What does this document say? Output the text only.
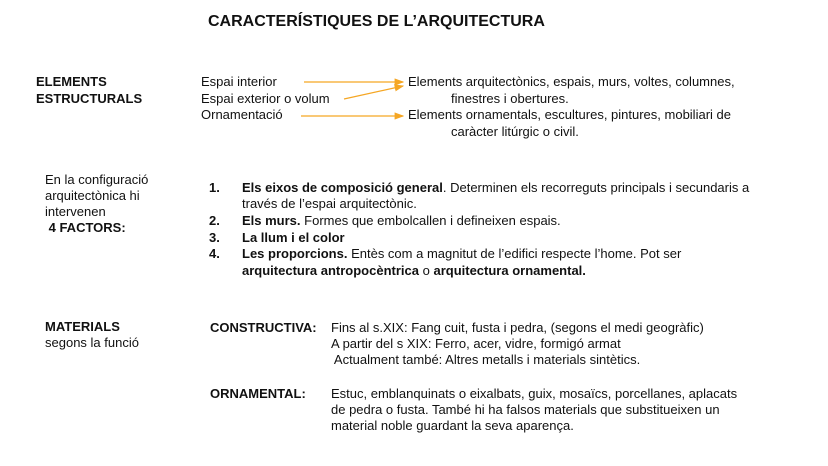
CARACTERÍSTIQUES DE L’ARQUITECTURA
ELEMENTS
ESTRUCTURALS
Espai interior
Espai exterior o volum
Ornamentació
Elements arquitectònics, espais, murs, voltes, columnes,
finestres i obertures.
Elements ornamentals, escultures, pintures, mobiliari de
caràcter litúrgic o civil.
En la configuració
arquitectònica hi
intervenen
4 FACTORS:
1. Els eixos de composició general. Determinen els recorreguts principals i secundaris a
través de l’espai arquitectònic.
2. Els murs. Formes que embolcallen i defineixen espais.
3. La llum i el color
4. Les proporcions. Entès com a magnitut de l’edifici respecte l’home. Pot ser
arquitectura antropocèntrica o arquitectura ornamental.
MATERIALS
segons la funció
CONSTRUCTIVA: Fins al s.XIX: Fang cuit, fusta i pedra, (segons el medi geogràfic)
A partir del s XIX: Ferro, acer, vidre, formigó armat
Actualment també: Altres metalls i materials sintètics.
ORNAMENTAL: Estuc, emblanquinats o eixalbats, guix, mosaïcs, porcellanes, aplacats
de pedra o fusta. També hi ha falsos materials que substitueixen un
material noble guardant la seva aparença.
